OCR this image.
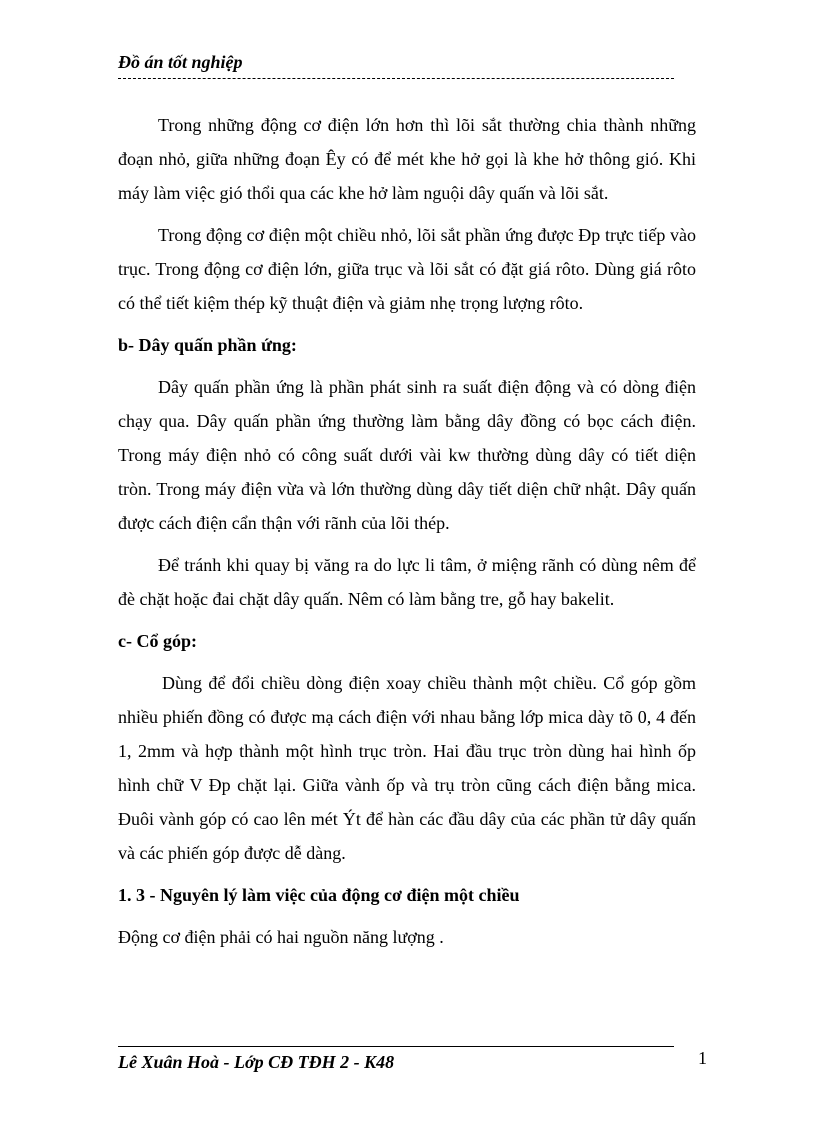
Đồ án tốt nghiệp

Trong những động cơ điện lớn hơn thì lõi sắt thường chia thành những đoạn nhỏ, giữa những đoạn Êy có để mét khe hở gọi là khe hở thông gió. Khi máy làm việc gió thổi qua các khe hở làm nguội dây quấn và lõi sắt.

Trong động cơ điện một chiều nhỏ, lõi sắt phần ứng được Ðp trực tiếp vào trục. Trong động cơ điện lớn, giữa trục và lõi sắt có đặt giá rôto. Dùng giá rôto có thể tiết kiệm thép kỹ thuật điện và giảm nhẹ trọng lượng rôto.

b- Dây quấn phần ứng:

Dây quấn phần ứng là phần phát sinh ra suất điện động và có dòng điện chạy qua. Dây quấn phần ứng thường làm bằng dây đồng có bọc cách điện. Trong máy điện nhỏ có công suất dưới vài kw thường dùng dây có tiết diện tròn. Trong máy điện vừa và lớn thường dùng dây tiết diện chữ nhật. Dây quấn được cách điện cẩn thận với rãnh của lõi thép.

Để tránh khi quay bị văng ra do lực li tâm, ở miệng rãnh có dùng nêm để đè chặt hoặc đai chặt dây quấn. Nêm có làm bằng tre, gỗ hay bakelit.

c- Cổ góp:

Dùng để đổi chiều dòng điện xoay chiều thành một chiều. Cổ góp gồm nhiều phiến đồng có được mạ cách điện với nhau bằng lớp mica dày tõ 0, 4 đến 1, 2mm và hợp thành một hình trục tròn. Hai đầu trục tròn dùng hai hình ốp hình chữ V Ðp chặt lại. Giữa vành ốp và trụ tròn cũng cách điện bằng mica. Đuôi vành góp có cao lên mét Ýt để hàn các đầu dây của các phần tử dây quấn và các phiến góp được dễ dàng.

1. 3 - Nguyên lý làm việc của động cơ điện một chiều

Động cơ điện phải có hai nguồn năng lượng .

Lê Xuân Hoà - Lớp CĐ TĐH 2 - K48	1
